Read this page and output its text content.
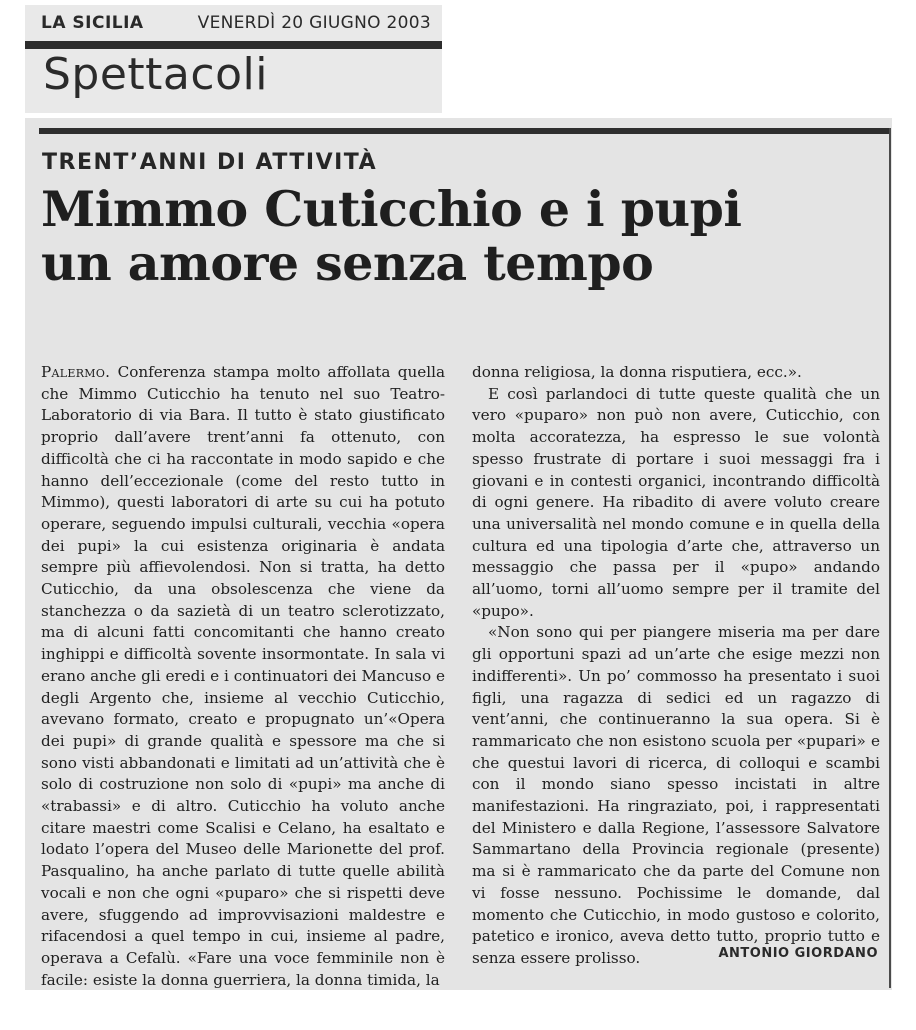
LA SICILIA	VENERDÌ 20 GIUGNO 2003
Spettacoli
TRENT’ANNI DI ATTIVITÀ
Mimmo Cuticchio e i pupi
un amore senza tempo

Palermo. Conferenza stampa molto affollata quella che Mimmo Cuticchio ha tenuto nel suo Teatro-Laboratorio di via Bara. Il tutto è stato giustificato proprio dall’avere trent’anni fa ottenuto, con difficoltà che ci ha raccontate in modo sapido e che hanno dell’eccezionale (come del resto tutto in Mimmo), questi laboratori di arte su cui ha potuto operare, seguendo impulsi culturali, vecchia «opera dei pupi» la cui esistenza originaria è andata sempre più affievolendosi. Non si tratta, ha detto Cuticchio, da una obsolescenza che viene da stanchezza o da sazietà di un teatro sclerotizzato, ma di alcuni fatti concomitanti che hanno creato inghippi e difficoltà sovente insormontate. In sala vi erano anche gli eredi e i continuatori dei Mancuso e degli Argento che, insieme al vecchio Cuticchio, avevano formato, creato e propugnato un’«Opera dei pupi» di grande qualità e spessore ma che si sono visti abbandonati e limitati ad un’attività che è solo di costruzione non solo di «pupi» ma anche di «trabassi» e di altro. Cuticchio ha voluto anche citare maestri come Scalisi e Celano, ha esaltato e lodato l’opera del Museo delle Marionette del prof. Pasqualino, ha anche parlato di tutte quelle abilità vocali e non che ogni «puparo» che si rispetti deve avere, sfuggendo ad improvvisazioni maldestre e rifacendosi a quel tempo in cui, insieme al padre, operava a Cefalù. «Fare una voce femminile non è facile: esiste la donna guerriera, la donna timida, la

donna religiosa, la donna risputiera, ecc.».

E così parlandoci di tutte queste qualità che un vero «puparo» non può non avere, Cuticchio, con molta accoratezza, ha espresso le sue volontà spesso frustrate di portare i suoi messaggi fra i giovani e in contesti organici, incontrando difficoltà di ogni genere. Ha ribadito di avere voluto creare una universalità nel mondo comune e in quella della cultura ed una tipologia d’arte che, attraverso un messaggio che passa per il «pupo» andando all’uomo, torni all’uomo sempre per il tramite del «pupo».

«Non sono qui per piangere miseria ma per dare gli opportuni spazi ad un’arte che esige mezzi non indifferenti». Un po’ commosso ha presentato i suoi figli, una ragazza di sedici ed un ragazzo di vent’anni, che continueranno la sua opera. Si è rammaricato che non esistono scuola per «pupari» e che questui lavori di ricerca, di colloqui e scambi con il mondo siano spesso incistati in altre manifestazioni. Ha ringraziato, poi, i rappresentati del Ministero e dalla Regione, l’assessore Salvatore Sammartano della Provincia regionale (presente) ma si è rammaricato che da parte del Comune non vi fosse nessuno. Pochissime le domande, dal momento che Cuticchio, in modo gustoso e colorito, patetico e ironico, aveva detto tutto, proprio tutto e senza essere prolisso.	ANTONIO GIORDANO
